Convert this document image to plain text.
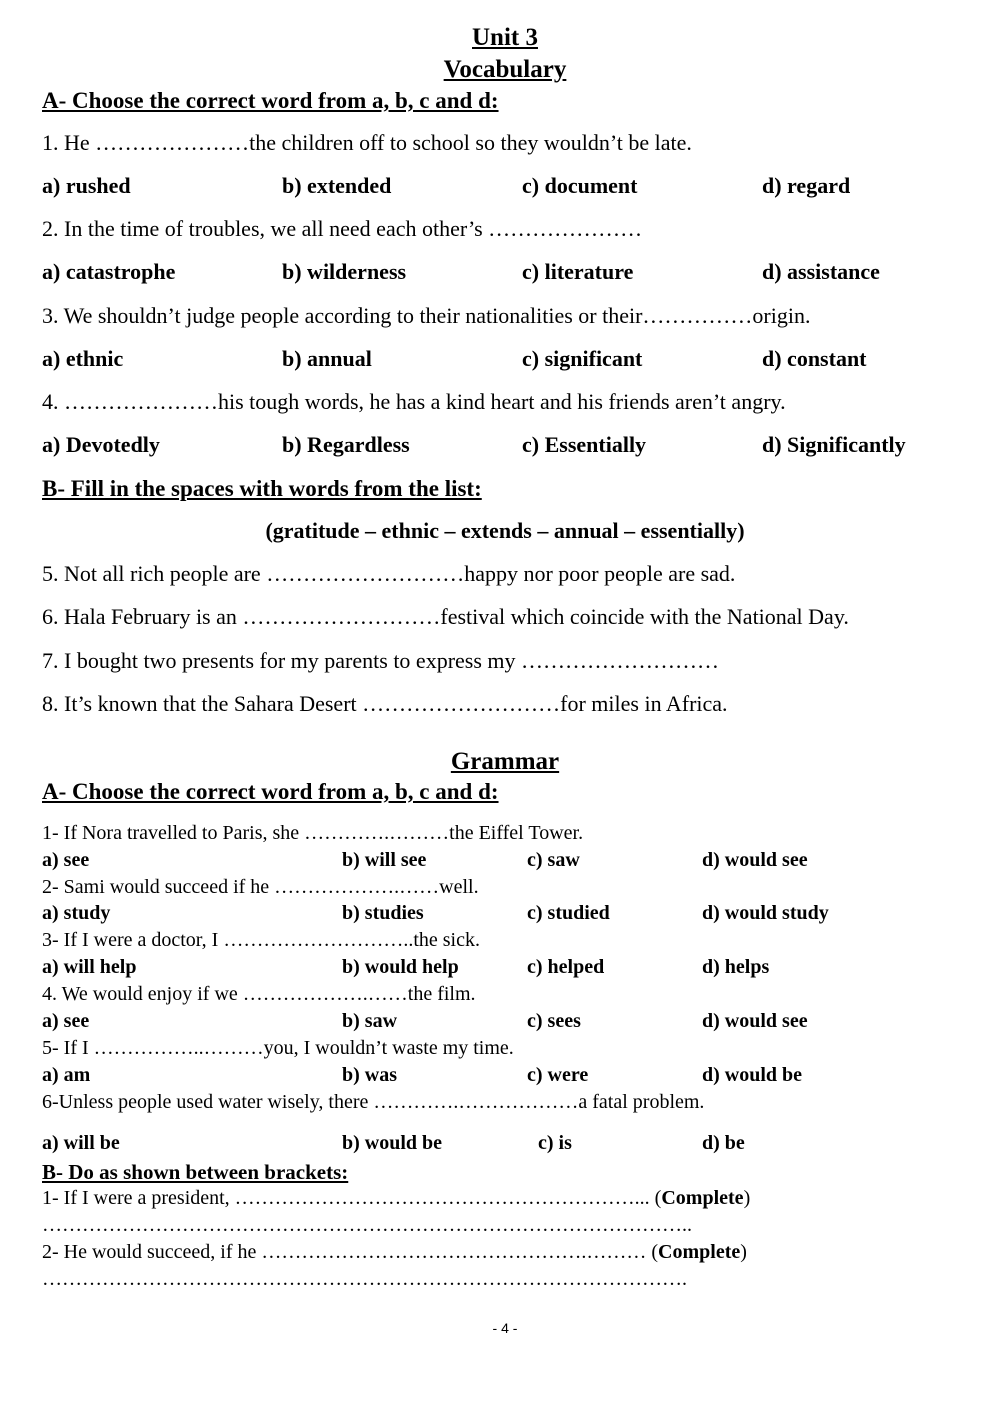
Unit 3
Vocabulary
A- Choose the correct word from a, b, c and d:
1. He …………………the children off to school so they wouldn’t be late.
a) rushed	b) extended	c) document	d) regard
2. In the time of troubles, we all need each other’s …………………
a) catastrophe	b) wilderness	c) literature	d) assistance
3. We shouldn’t judge people according to their nationalities or their……………origin.
a) ethnic	b) annual	c) significant	d) constant
4. …………………his tough words, he has a kind heart and his friends aren’t angry.
a) Devotedly	b) Regardless	c) Essentially	d) Significantly
B- Fill in the spaces with words from the list:
(gratitude – ethnic – extends – annual – essentially)
5. Not all rich people are ………………………happy nor poor people are sad.
6. Hala February is an ………………………festival which coincide with the National Day.
7. I bought two presents for my parents to express my ………………………
8. It’s known that the Sahara Desert ………………………for miles in Africa.
Grammar
A- Choose the correct word from a, b, c and d:
1- If Nora travelled to Paris, she ………….………the Eiffel Tower.
a) see	b) will see	c) saw	d) would see
2- Sami would succeed if he ……………….……well.
a) study	b) studies	c) studied	d) would study
3- If I were a doctor, I ………………………..the sick.
a) will help	b) would help	c) helped	d) helps
4. We would enjoy if we ……………….……the film.
a) see	b) saw	c) sees	d) would see
5- If I ……………..………you, I wouldn’t waste my time.
a) am	b) was	c) were	d) would be
6-Unless people used water wisely, there ………….………………a fatal problem.
a) will be	b) would be	c) is	d) be
B- Do as shown between brackets:
1- If I were a president, ……………………………………………………... (Complete)
……………………………………………………………………………………..
2- He would succeed, if he ………………………………………….……… (Complete)
…………………………………………………………………………………….
- 4 -
